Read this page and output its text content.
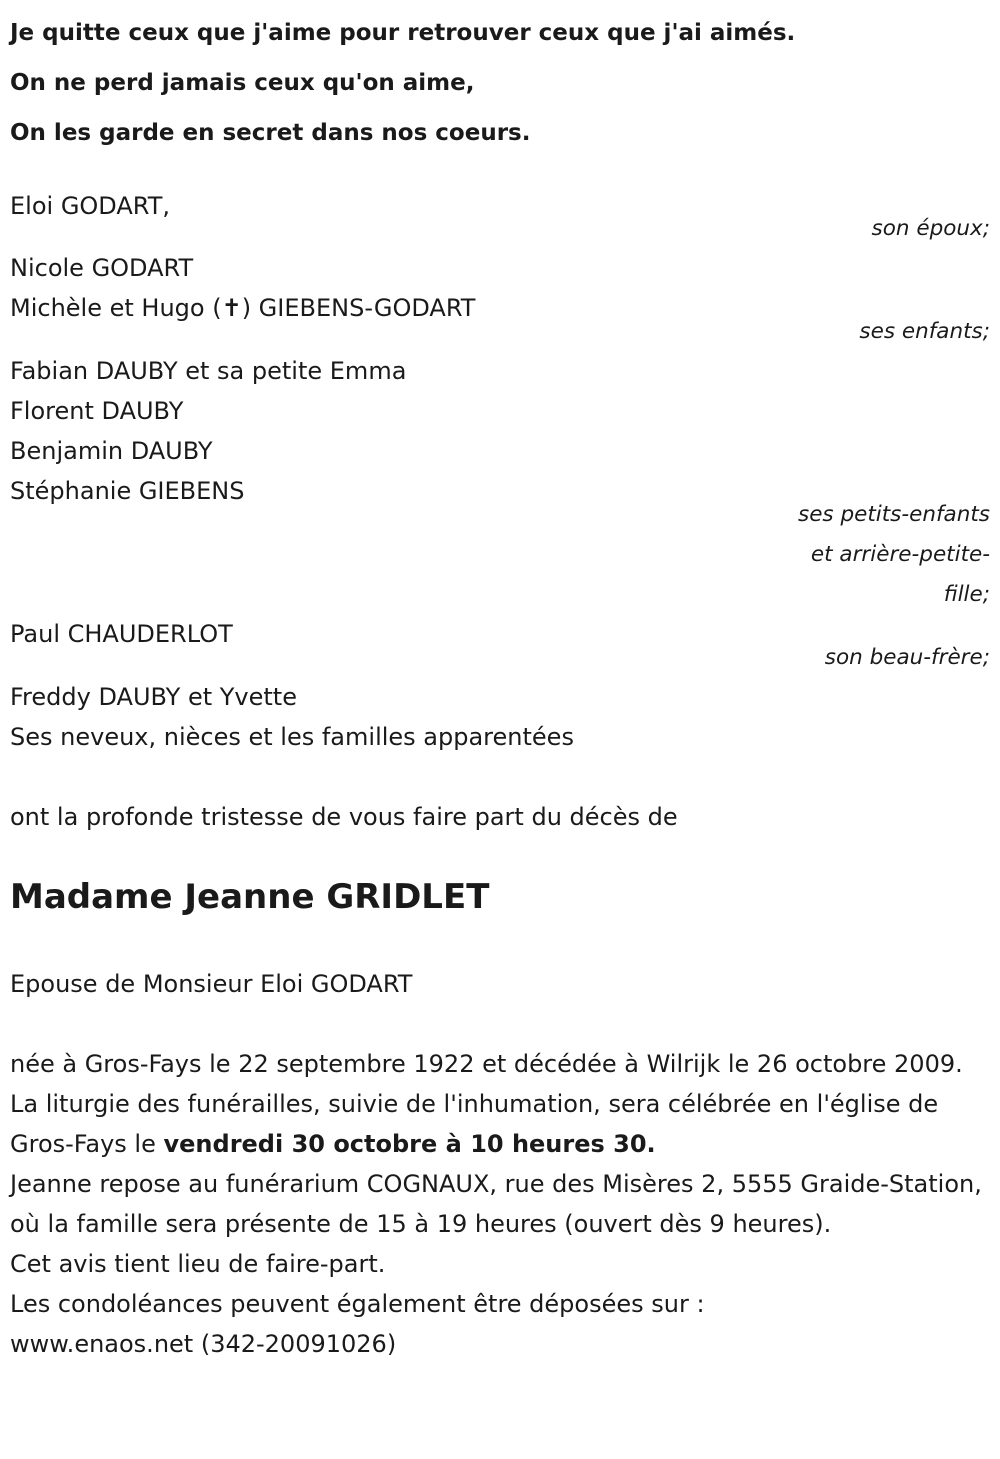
Je quitte ceux que j'aime pour retrouver ceux que j'ai aimés.

On ne perd jamais ceux qu'on aime,

On les garde en secret dans nos coeurs.

Eloi GODART,
son époux;
Nicole GODART
Michèle et Hugo (✝) GIEBENS-GODART
ses enfants;
Fabian DAUBY et sa petite Emma
Florent DAUBY
Benjamin DAUBY
Stéphanie GIEBENS
ses petits-enfants
et arrière-petite-
fille;
Paul CHAUDERLOT
son beau-frère;
Freddy DAUBY et Yvette
Ses neveux, nièces et les familles apparentées
ont la profonde tristesse de vous faire part du décès de
Madame Jeanne GRIDLET
Epouse de Monsieur Eloi GODART

née à Gros-Fays le 22 septembre 1922 et décédée à Wilrijk le 26 octobre 2009.

La liturgie des funérailles, suivie de l'inhumation, sera célébrée en l'église de Gros-Fays le vendredi 30 octobre à 10 heures 30.

Jeanne repose au funérarium COGNAUX, rue des Misères 2, 5555 Graide-Station, où la famille sera présente de 15 à 19 heures (ouvert dès 9 heures).

Cet avis tient lieu de faire-part.

Les condoléances peuvent également être déposées sur :

www.enaos.net (342-20091026)
